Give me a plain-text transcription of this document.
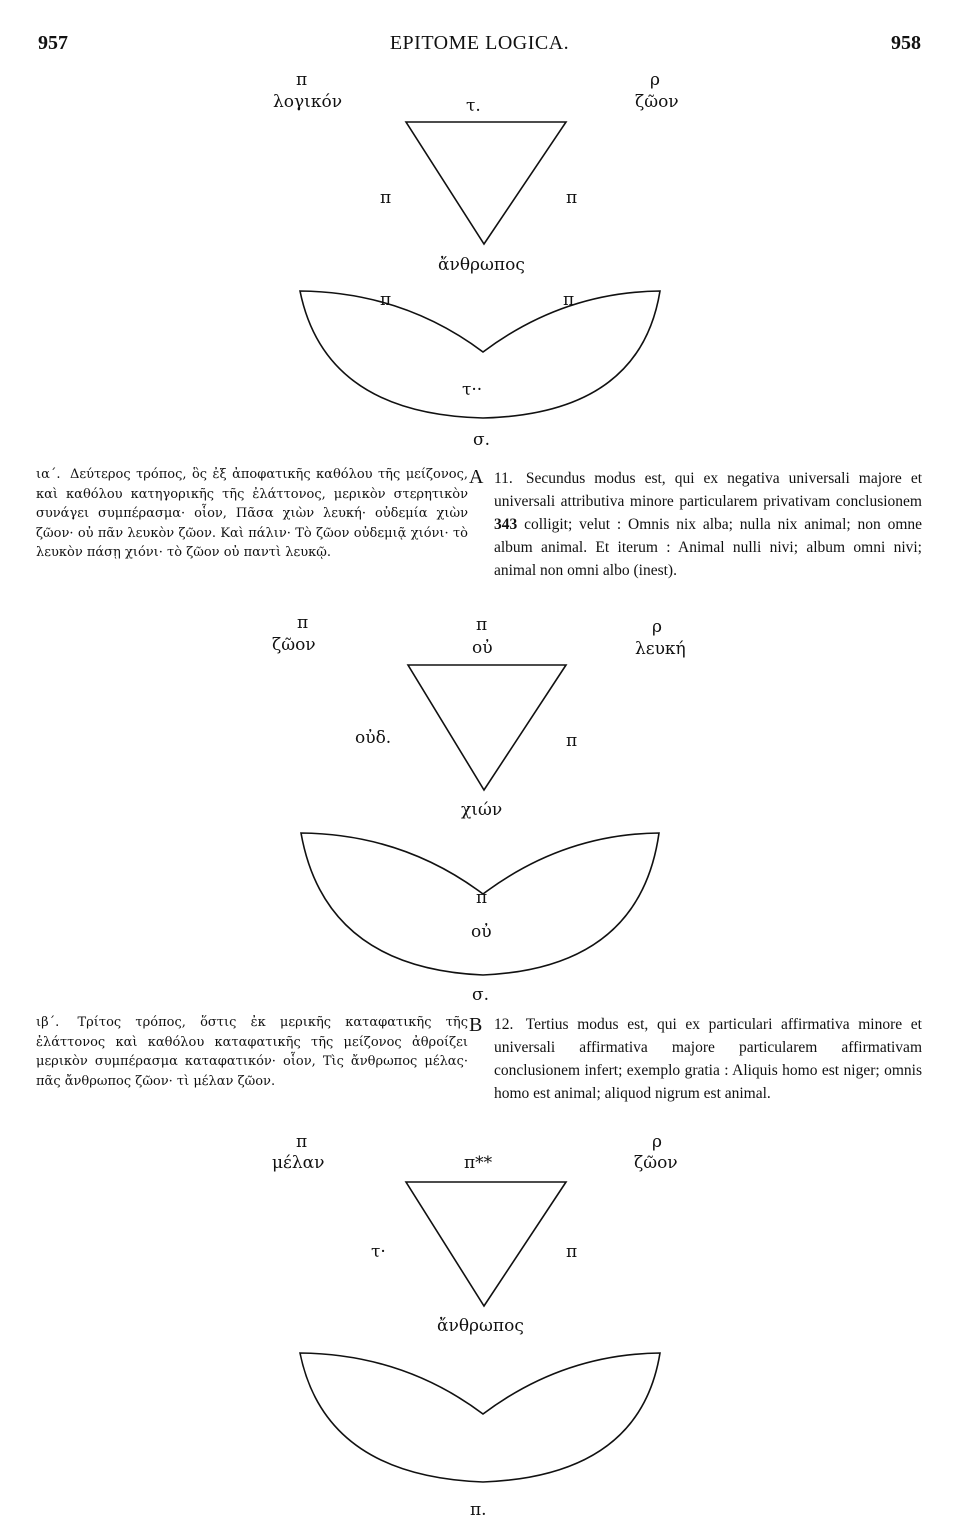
957	EPITOME LOGICA.	958
π
λογικόν	τ.
ρ
ζῶον
π	π
ἄνθρωπος
π	π
τ··
σ.
ια΄. Δεύτερος τρόπος, ὃς ἐξ ἀποφατικῆς καθόλου τῆς μείζονος, καὶ καθόλου κατηγορικῆς τῆς ἐλάττονος, μερικὸν στερητικὸν συνάγει συμπέρασμα· οἷον, Πᾶσα χιὼν λευκή· οὐδεμία χιὼν ζῶον· οὐ πᾶν λευκὸν ζῶον. Καὶ πάλιν· Τὸ ζῶον οὐδεμιᾷ χιόνι· τὸ λευκὸν πάσῃ χιόνι· τὸ ζῶον οὐ παντὶ λευκῷ.
A 11. Secundus modus est, qui ex negativa universali majore et universali attributiva minore particularem privativam conclusionem 343 colligit; velut : Omnis nix alba; nulla nix animal; non omne album animal. Et iterum : Animal nulli nivi; album omni nivi; animal non omni albo (inest).
π
ζῶον
π
οὐ
ρ
λευκή
οὐδ.	π
χιών
π
οὐ
σ.
ιβ΄. Τρίτος τρόπος, ὅστις ἐκ μερικῆς καταφατικῆς τῆς ἐλάττονος καὶ καθόλου καταφατικῆς τῆς μείζονος ἀθροίζει μερικὸν συμπέρασμα καταφατικόν· οἷον, Τὶς ἄνθρωπος μέλας· πᾶς ἄνθρωπος ζῶον· τὶ μέλαν ζῶον.
B 12. Tertius modus est, qui ex particulari affirmativa minore et universali affirmativa majore particularem affirmativam conclusionem infert; exemplo gratia : Aliquis homo est niger; omnis homo est animal; aliquod nigrum est animal.
π
μέλαν	π**
ρ
ζῶον
τ·	π
ἄνθρωπος
π.
